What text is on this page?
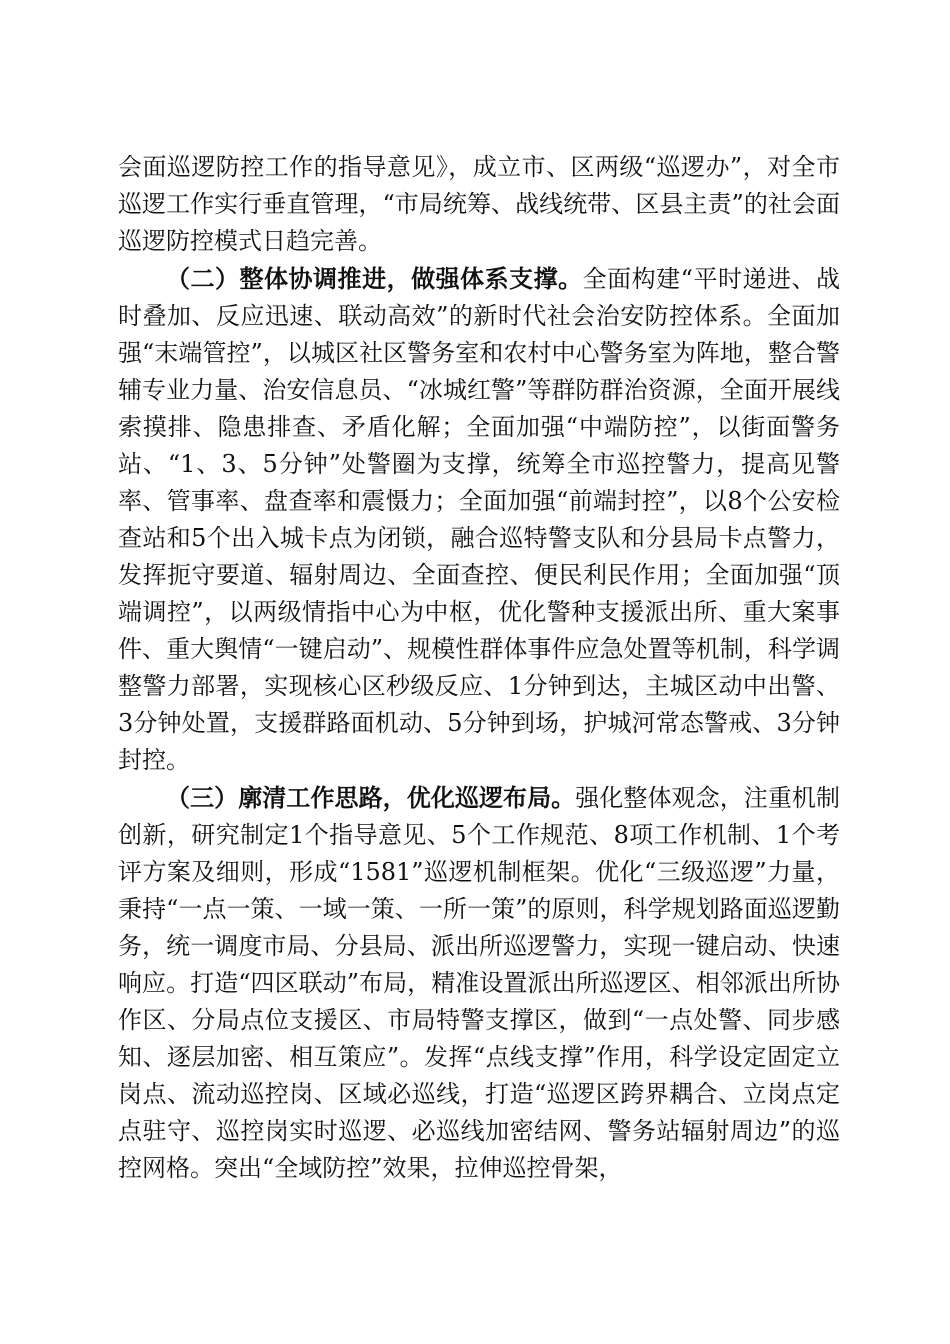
会面巡逻防控工作的指导意见》，成立市、区两级“巡逻办”，对全市巡逻工作实行垂直管理，“市局统筹、战线统带、区县主责”的社会面巡逻防控模式日趋完善。

（二）整体协调推进，做强体系支撑。全面构建“平时递进、战时叠加、反应迅速、联动高效”的新时代社会治安防控体系。全面加强“末端管控”，以城区社区警务室和农村中心警务室为阵地，整合警辅专业力量、治安信息员、“冰城红警”等群防群治资源，全面开展线索摸排、隐患排查、矛盾化解；全面加强“中端防控”，以街面警务站、“1、3、5分钟”处警圈为支撑，统筹全市巡控警力，提高见警率、管事率、盘查率和震慑力；全面加强“前端封控”，以8个公安检查站和5个出入城卡点为闭锁，融合巡特警支队和分县局卡点警力，发挥扼守要道、辐射周边、全面查控、便民利民作用；全面加强“顶端调控”，以两级情指中心为中枢，优化警种支援派出所、重大案事件、重大舆情“一键启动”、规模性群体事件应急处置等机制，科学调整警力部署，实现核心区秒级反应、1分钟到达，主城区动中出警、3分钟处置，支援群路面机动、5分钟到场，护城河常态警戒、3分钟封控。

（三）廓清工作思路，优化巡逻布局。强化整体观念，注重机制创新，研究制定1个指导意见、5个工作规范、8项工作机制、1个考评方案及细则，形成“1581”巡逻机制框架。优化“三级巡逻”力量，秉持“一点一策、一域一策、一所一策”的原则，科学规划路面巡逻勤务，统一调度市局、分县局、派出所巡逻警力，实现一键启动、快速响应。打造“四区联动”布局，精准设置派出所巡逻区、相邻派出所协作区、分局点位支援区、市局特警支撑区，做到“一点处警、同步感知、逐层加密、相互策应”。发挥“点线支撑”作用，科学设定固定立岗点、流动巡控岗、区域必巡线，打造“巡逻区跨界耦合、立岗点定点驻守、巡控岗实时巡逻、必巡线加密结网、警务站辐射周边”的巡控网格。突出“全域防控”效果，拉伸巡控骨架，
